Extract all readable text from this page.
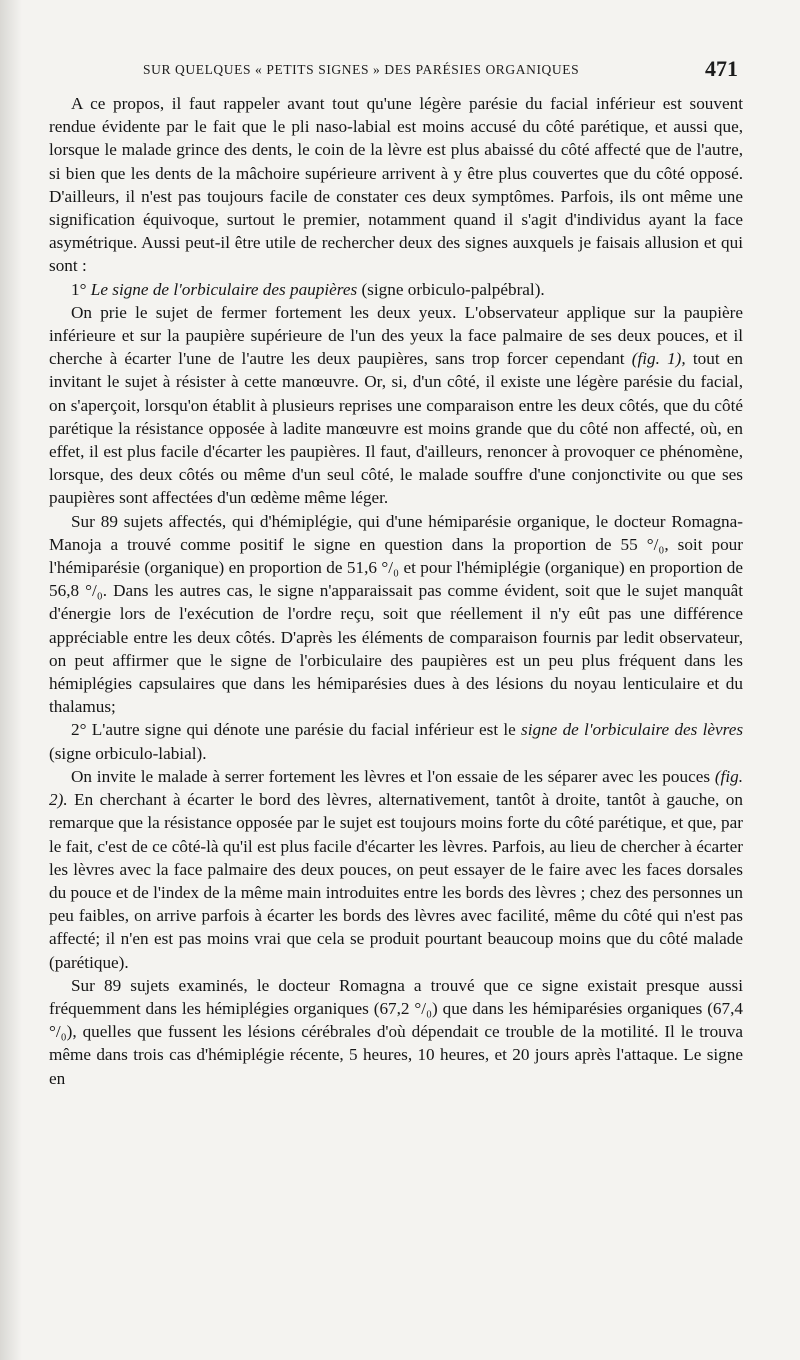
SUR QUELQUES « PETITS SIGNES » DES PARÉSIES ORGANIQUES	471

A ce propos, il faut rappeler avant tout qu'une légère parésie du facial inférieur est souvent rendue évidente par le fait que le pli naso-labial est moins accusé du côté parétique, et aussi que, lorsque le malade grince des dents, le coin de la lèvre est plus abaissé du côté affecté que de l'autre, si bien que les dents de la mâchoire supérieure arrivent à y être plus couvertes que du côté opposé. D'ailleurs, il n'est pas toujours facile de constater ces deux symptômes. Parfois, ils ont même une signification équivoque, surtout le premier, notamment quand il s'agit d'individus ayant la face asymétrique. Aussi peut-il être utile de rechercher deux des signes auxquels je faisais allusion et qui sont :

1° Le signe de l'orbiculaire des paupières (signe orbiculo-palpébral).

On prie le sujet de fermer fortement les deux yeux. L'observateur applique sur la paupière inférieure et sur la paupière supérieure de l'un des yeux la face palmaire de ses deux pouces, et il cherche à écarter l'une de l'autre les deux paupières, sans trop forcer cependant (fig. 1), tout en invitant le sujet à résister à cette manœuvre. Or, si, d'un côté, il existe une légère parésie du facial, on s'aperçoit, lorsqu'on établit à plusieurs reprises une comparaison entre les deux côtés, que du côté parétique la résistance opposée à ladite manœuvre est moins grande que du côté non affecté, où, en effet, il est plus facile d'écarter les paupières. Il faut, d'ailleurs, renoncer à provoquer ce phénomène, lorsque, des deux côtés ou même d'un seul côté, le malade souffre d'une conjonctivite ou que ses paupières sont affectées d'un œdème même léger.

Sur 89 sujets affectés, qui d'hémiplégie, qui d'une hémiparésie organique, le docteur Romagna-Manoja a trouvé comme positif le signe en question dans la proportion de 55 °/₀, soit pour l'hémiparésie (organique) en proportion de 51,6 °/₀ et pour l'hémiplégie (organique) en proportion de 56,8 °/₀. Dans les autres cas, le signe n'apparaissait pas comme évident, soit que le sujet manquât d'énergie lors de l'exécution de l'ordre reçu, soit que réellement il n'y eût pas une différence appréciable entre les deux côtés. D'après les éléments de comparaison fournis par ledit observateur, on peut affirmer que le signe de l'orbiculaire des paupières est un peu plus fréquent dans les hémiplégies capsulaires que dans les hémiparésies dues à des lésions du noyau lenticulaire et du thalamus;

2° L'autre signe qui dénote une parésie du facial inférieur est le signe de l'orbiculaire des lèvres (signe orbiculo-labial).

On invite le malade à serrer fortement les lèvres et l'on essaie de les séparer avec les pouces (fig. 2). En cherchant à écarter le bord des lèvres, alternativement, tantôt à droite, tantôt à gauche, on remarque que la résistance opposée par le sujet est toujours moins forte du côté parétique, et que, par le fait, c'est de ce côté-là qu'il est plus facile d'écarter les lèvres. Parfois, au lieu de chercher à écarter les lèvres avec la face palmaire des deux pouces, on peut essayer de le faire avec les faces dorsales du pouce et de l'index de la même main introduites entre les bords des lèvres ; chez des personnes un peu faibles, on arrive parfois à écarter les bords des lèvres avec facilité, même du côté qui n'est pas affecté; il n'en est pas moins vrai que cela se produit pourtant beaucoup moins que du côté malade (parétique).

Sur 89 sujets examinés, le docteur Romagna a trouvé que ce signe existait presque aussi fréquemment dans les hémiplégies organiques (67,2 °/₀) que dans les hémiparésies organiques (67,4 °/₀), quelles que fussent les lésions cérébrales d'où dépendait ce trouble de la motilité. Il le trouva même dans trois cas d'hémiplégie récente, 5 heures, 10 heures, et 20 jours après l'attaque. Le signe en
